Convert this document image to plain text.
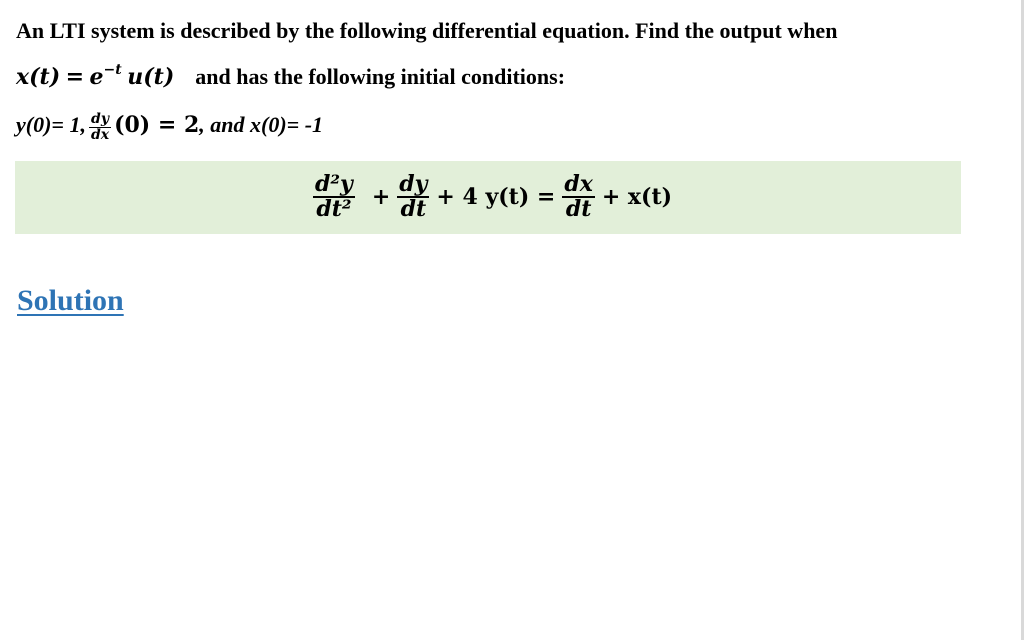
An LTI system is described by the following differential equation. Find the output when
$x(t) = e^{-t}$ u(t) and has the following initial conditions:
y(0)= 1, $\frac{dy}{dx} (0) = 2$, and x(0)= -1
$\frac{\text{d²y}}{\text{dt²}} + \frac{dy}{dt} + 4$ $y(t) = \frac{dx}{dt} + x(t)$
Solution
